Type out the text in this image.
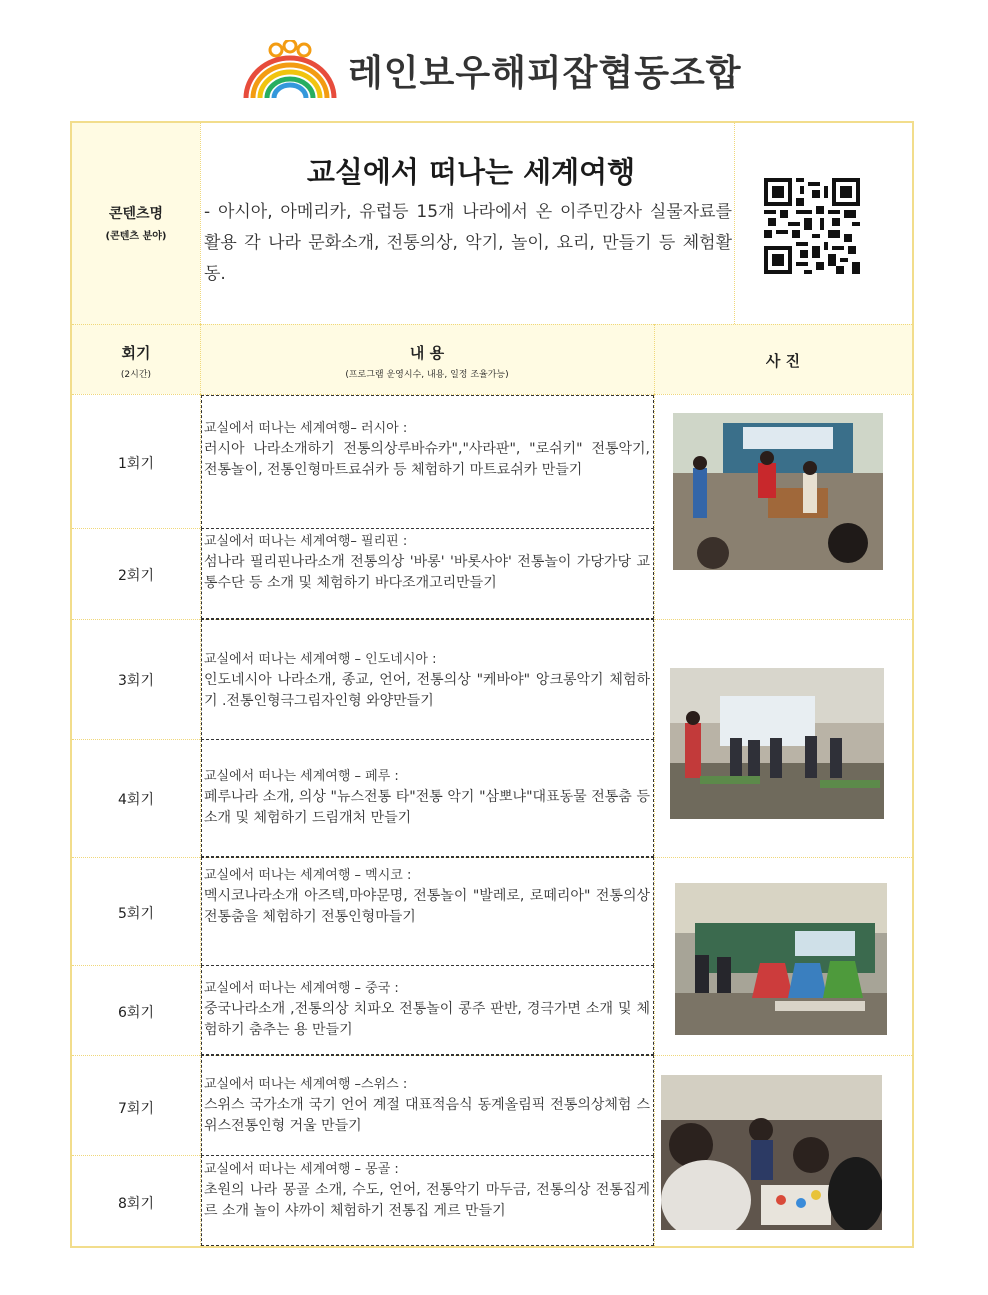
레인보우해피잡협동조합
콘텐츠명
(콘텐츠 분야)
교실에서 떠나는 세계여행
- 아시아, 아메리카, 유럽등 15개 나라에서 온 이주민강사 실물자료를 활용 각 나라 문화소개, 전통의상, 악기, 놀이, 요리, 만들기 등 체험활동.
회기
(2시간)
내 용
(프로그램 운영시수, 내용, 일정 조율가능)
사 진
1회기
2회기
3회기
4회기
5회기
6회기
7회기
8회기
교실에서 떠나는 세계여행– 러시아 :
러시아 나라소개하기 전통의상루바슈카","사라판", "로쉬키" 전통악기, 전통놀이, 전통인형마트료쉬카 등 체험하기 마트료쉬카 만들기
교실에서 떠나는 세계여행– 필리핀 :
섬나라 필리핀나라소개 전통의상 '바롱' '바롯사야' 전통놀이 가당가당 교통수단 등 소개 및 체험하기 바다조개고리만들기
교실에서 떠나는 세계여행 – 인도네시아 :
인도네시아 나라소개, 종교, 언어, 전통의상 "케바야" 앙크롱악기 체험하기 .전통인형극그림자인형 와양만들기
교실에서 떠나는 세계여행 – 페루 :
페루나라 소개, 의상 "뉴스전통 타"전통 악기 "삼뽀냐"대표동물 전통춤 등 소개 및 체험하기 드림개처 만들기
교실에서 떠나는 세계여행 – 멕시코 :
멕시코나라소개 아즈텍,마야문명, 전통놀이 "발레로, 로떼리아" 전통의상 전통춤을 체험하기 전통인형마들기
교실에서 떠나는 세계여행 – 중국 :
중국나라소개 ,전통의상 치파오 전통놀이 콩주 판반, 경극가면 소개 및 체험하기 춤추는 용 만들기
교실에서 떠나는 세계여행 –스위스 :
스위스 국가소개 국기 언어 계절 대표적음식 동계올림픽 전통의상체험 스위스전통인형 거울 만들기
교실에서 떠나는 세계여행 – 몽골 :
초원의 나라 몽골 소개, 수도, 언어, 전통악기 마두금, 전통의상 전통집게르 소개 놀이 샤까이 체험하기 전통집 게르 만들기
